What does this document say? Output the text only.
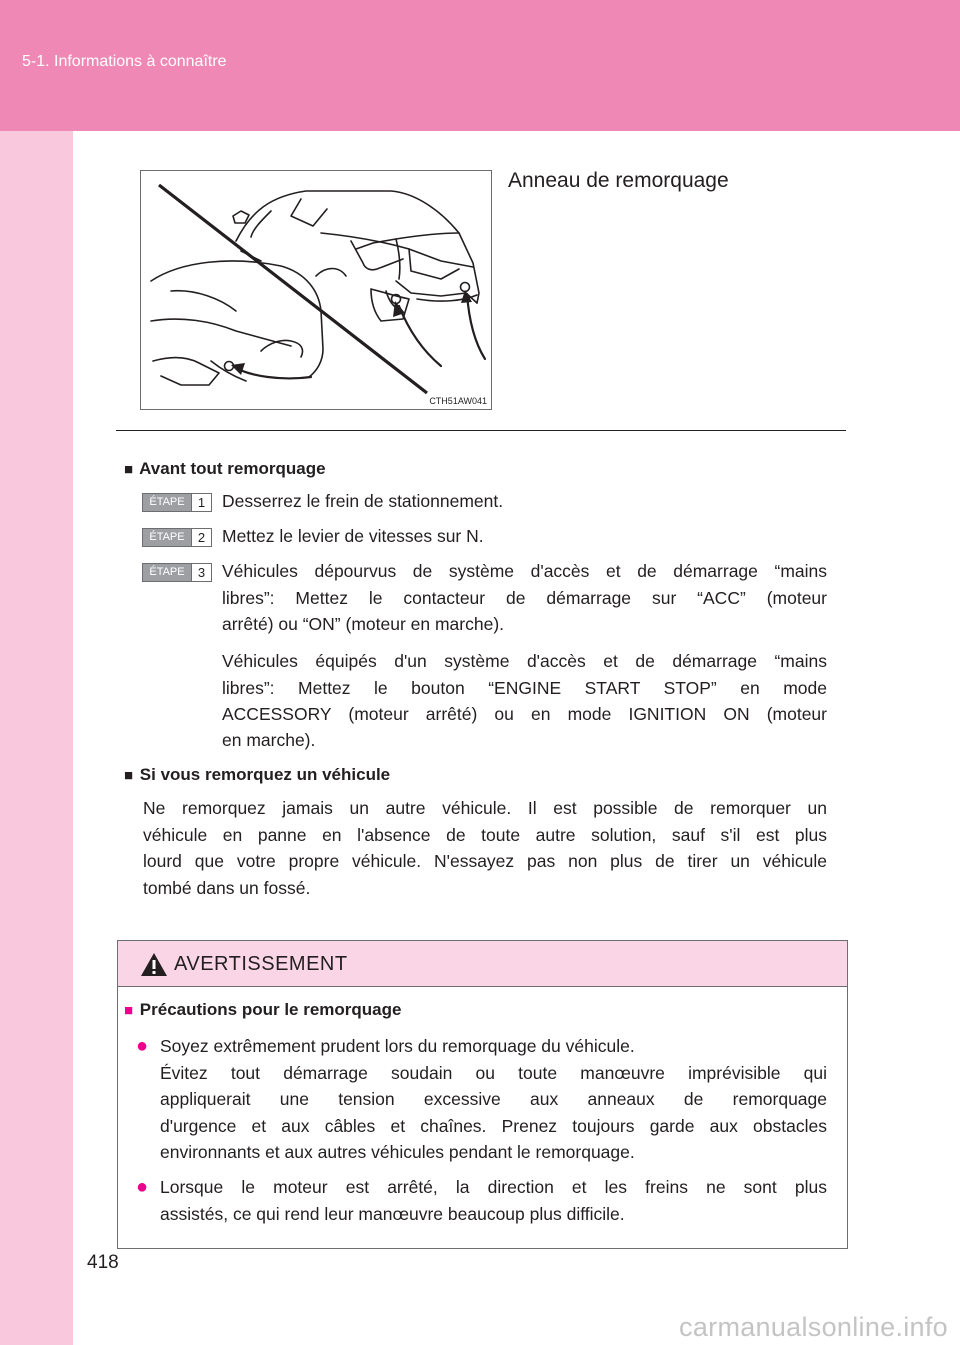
5-1. Informations à connaître
CTH51AW041
Anneau de remorquage
■ Avant tout remorquage
ÉTAPE	1 Desserrez le frein de stationnement.
ÉTAPE	2 Mettez le levier de vitesses sur N.
ÉTAPE	3 Véhicules dépourvus de système d'accès et de démarrage “mains
libres”: Mettez le contacteur de démarrage sur “ACC” (moteur
arrêté) ou “ON” (moteur en marche).
Véhicules équipés d'un système d'accès et de démarrage “mains
libres”: Mettez le bouton “ENGINE START STOP” en mode
ACCESSORY (moteur arrêté) ou en mode IGNITION ON (moteur
en marche).
■ Si vous remorquez un véhicule
Ne remorquez jamais un autre véhicule. Il est possible de remorquer un
véhicule en panne en l'absence de toute autre solution, sauf s'il est plus
lourd que votre propre véhicule. N'essayez pas non plus de tirer un véhicule
tombé dans un fossé.
AVERTISSEMENT
■ Précautions pour le remorquage
● Soyez extrêmement prudent lors du remorquage du véhicule.
Évitez tout démarrage soudain ou toute manœuvre imprévisible qui
appliquerait une tension excessive aux anneaux de remorquage
d'urgence et aux câbles et chaînes. Prenez toujours garde aux obstacles
environnants et aux autres véhicules pendant le remorquage.
● Lorsque le moteur est arrêté, la direction et les freins ne sont plus
assistés, ce qui rend leur manœuvre beaucoup plus difficile.
418
carmanualsonline.info
